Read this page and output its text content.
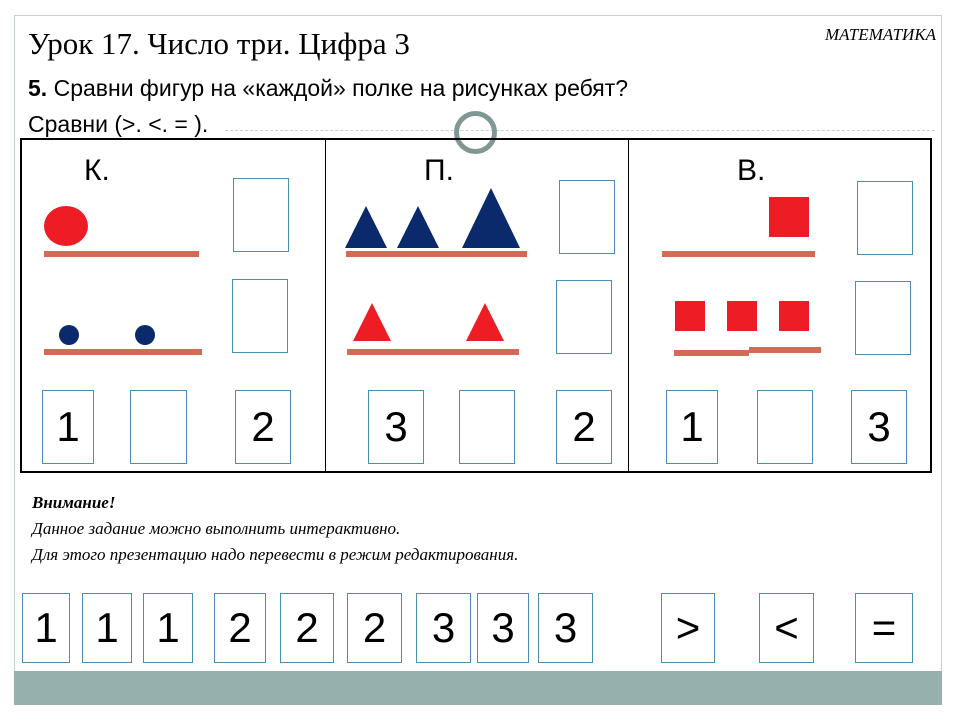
Урок 17. Число три. Цифра 3	МАТЕМАТИКА
5. Сравни фигур на «каждой» полке на рисунках ребят?
Сравни (>. <. = ).
К.
1	2
П.
3	2
В.
1	3
Внимание!
Данное задание можно выполнить интерактивно.
Для этого презентацию надо перевести в режим редактирования.
1 1 1	2	2	2	3 3 3	>	<	=
